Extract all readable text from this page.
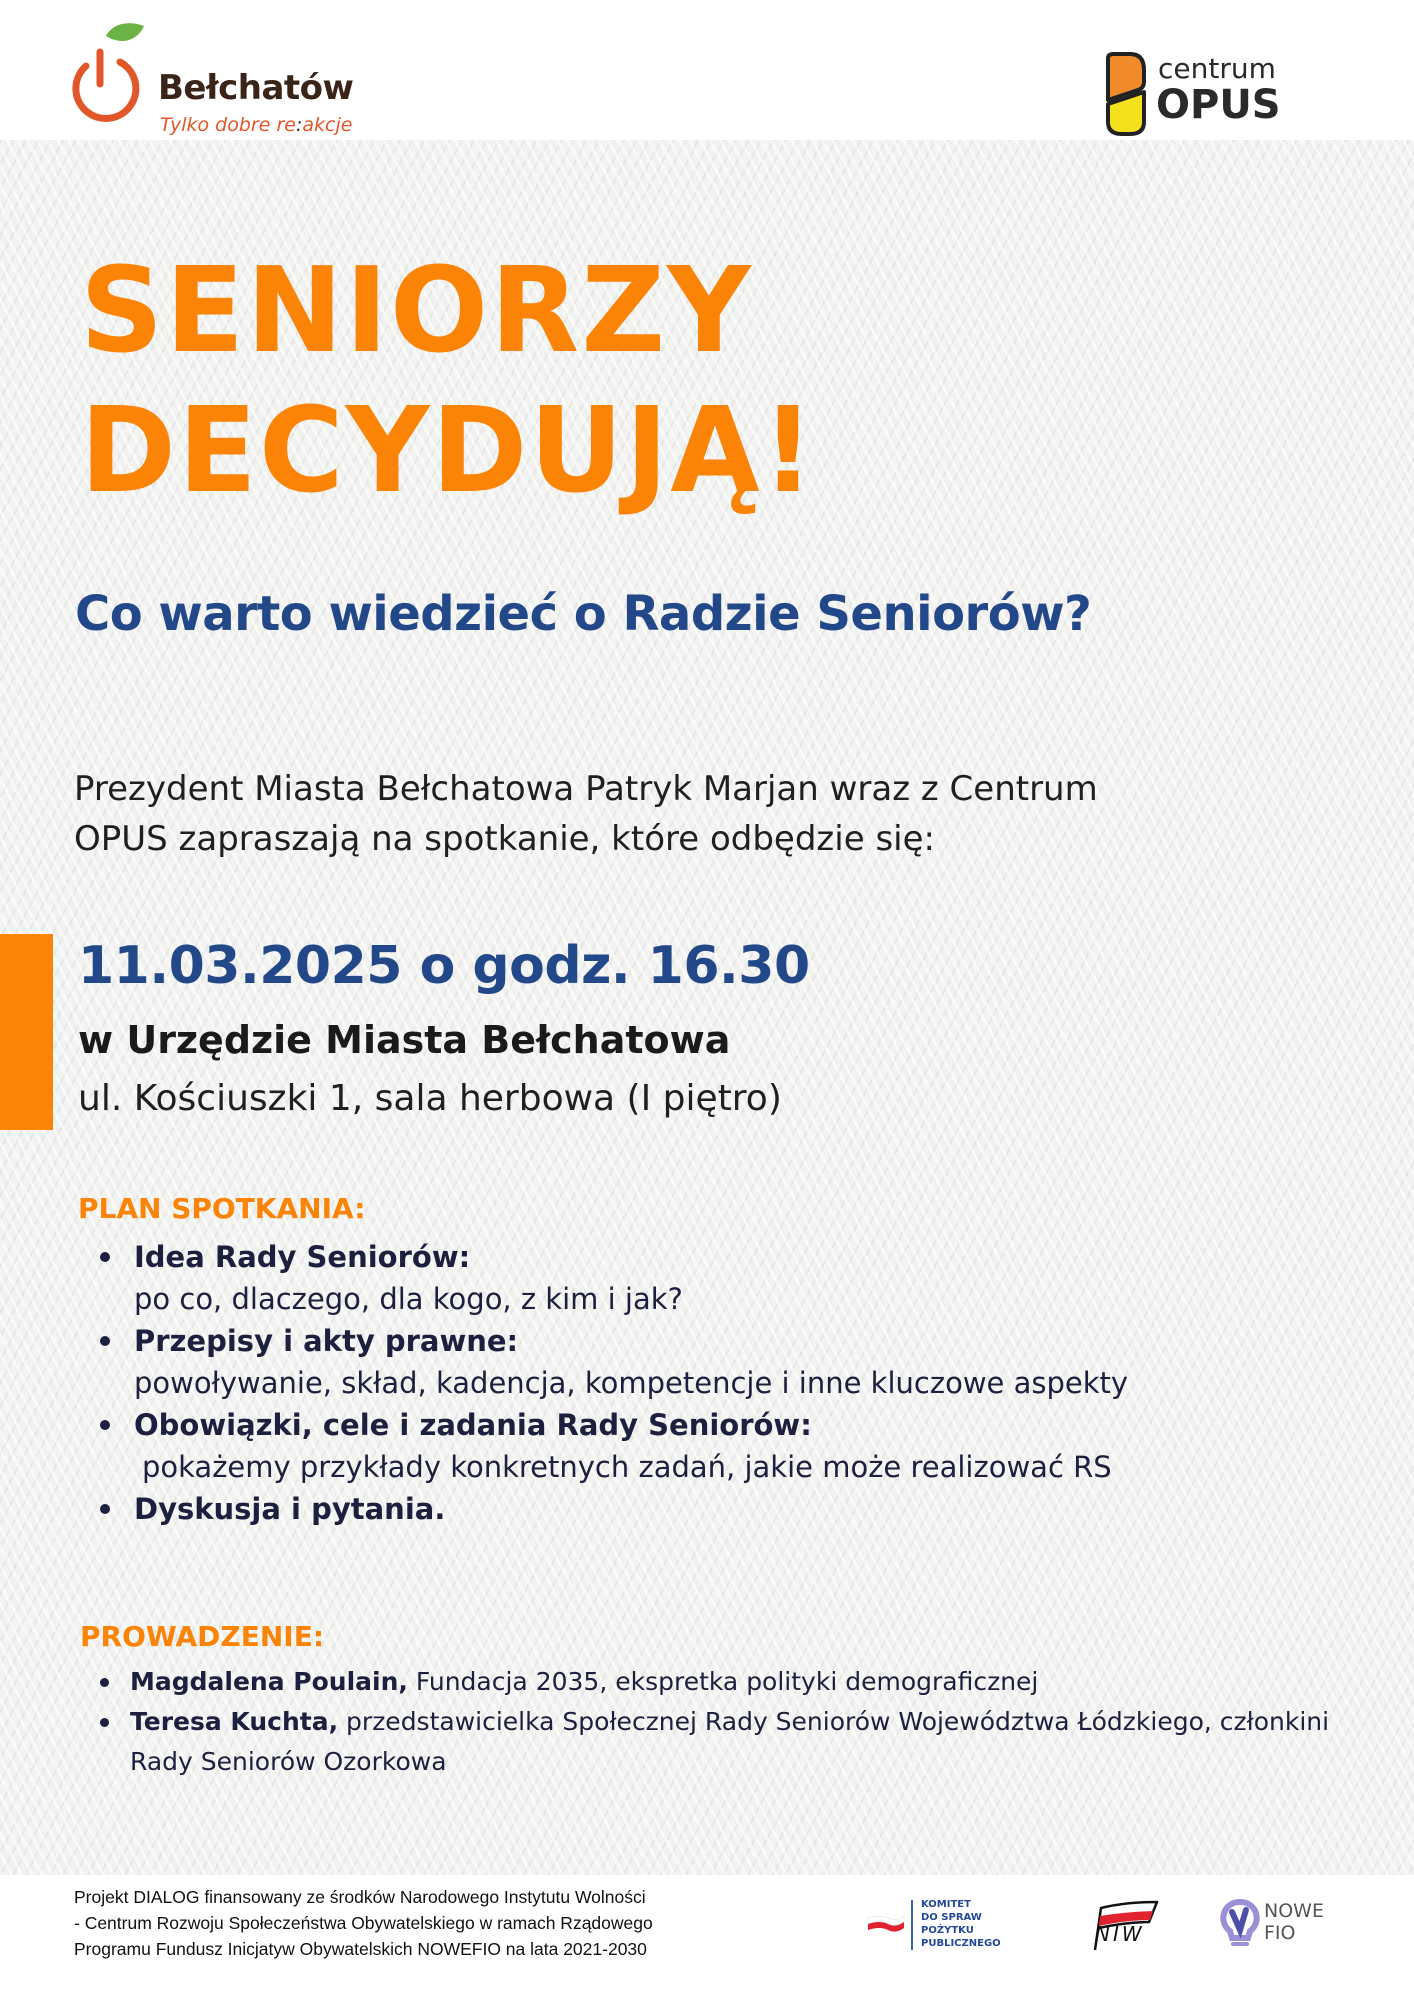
Bełchatów
Tylko dobre re:akcje
centrum
OPUS
SENIORZY
DECYDUJĄ!
Co warto wiedzieć o Radzie Seniorów?
Prezydent Miasta Bełchatowa Patryk Marjan wraz z Centrum
OPUS zapraszają na spotkanie, które odbędzie się:
11.03.2025 o godz. 16.30
w Urzędzie Miasta Bełchatowa
ul. Kościuszki 1, sala herbowa (I piętro)
PLAN SPOTKANIA:
Idea Rady Seniorów:
po co, dlaczego, dla kogo, z kim i jak?
Przepisy i akty prawne:
powoływanie, skład, kadencja, kompetencje i inne kluczowe aspekty
Obowiązki, cele i zadania Rady Seniorów:
pokażemy przykłady konkretnych zadań, jakie może realizować RS
Dyskusja i pytania.
PROWADZENIE:
Magdalena Poulain, Fundacja 2035, ekspretka polityki demograficznej
Teresa Kuchta, przedstawicielka Społecznej Rady Seniorów Województwa Łódzkiego, członkini Rady Seniorów Ozorkowa
Projekt DIALOG finansowany ze środków Narodowego Instytutu Wolności
- Centrum Rozwoju Społeczeństwa Obywatelskiego w ramach Rządowego
Programu Fundusz Inicjatyw Obywatelskich NOWEFIO na lata 2021-2030
KOMITET
DO SPRAW
POŻYTKU
PUBLICZNEGO	NIW
NOWE
FIO
